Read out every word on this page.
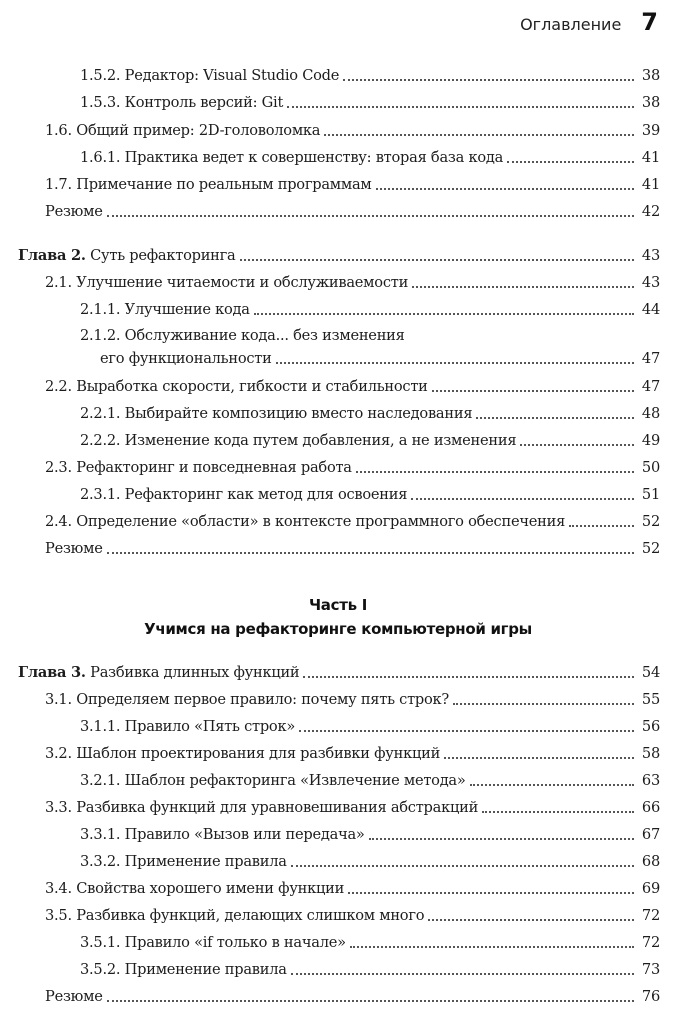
Оглавление 7
1.5.2. Редактор: Visual Studio Code	38
1.5.3. Контроль версий: Git	38
1.6. Общий пример: 2D-головоломка	39
1.6.1. Практика ведет к совершенству: вторая база кода	41
1.7. Примечание по реальным программам	41
Резюме	42
Глава 2. Суть рефакторинга	43
2.1. Улучшение читаемости и обслуживаемости	43
2.1.1. Улучшение кода	44
2.1.2. Обслуживание кода... без изменения
его функциональности	47
2.2. Выработка скорости, гибкости и стабильности	47
2.2.1. Выбирайте композицию вместо наследования	48
2.2.2. Изменение кода путем добавления, а не изменения	49
2.3. Рефакторинг и повседневная работа	50
2.3.1. Рефакторинг как метод для освоения	51
2.4. Определение «области» в контексте программного обеспечения	52
Резюме	52
Часть I
Учимся на рефакторинге компьютерной игры
Глава 3. Разбивка длинных функций	54
3.1. Определяем первое правило: почему пять строк?	55
3.1.1. Правило «Пять строк»	56
3.2. Шаблон проектирования для разбивки функций	58
3.2.1. Шаблон рефакторинга «Извлечение метода»	63
3.3. Разбивка функций для уравновешивания абстракций	66
3.3.1. Правило «Вызов или передача»	67
3.3.2. Применение правила	68
3.4. Свойства хорошего имени функции	69
3.5. Разбивка функций, делающих слишком много	72
3.5.1. Правило «if только в начале»	72
3.5.2. Применение правила	73
Резюме	76
